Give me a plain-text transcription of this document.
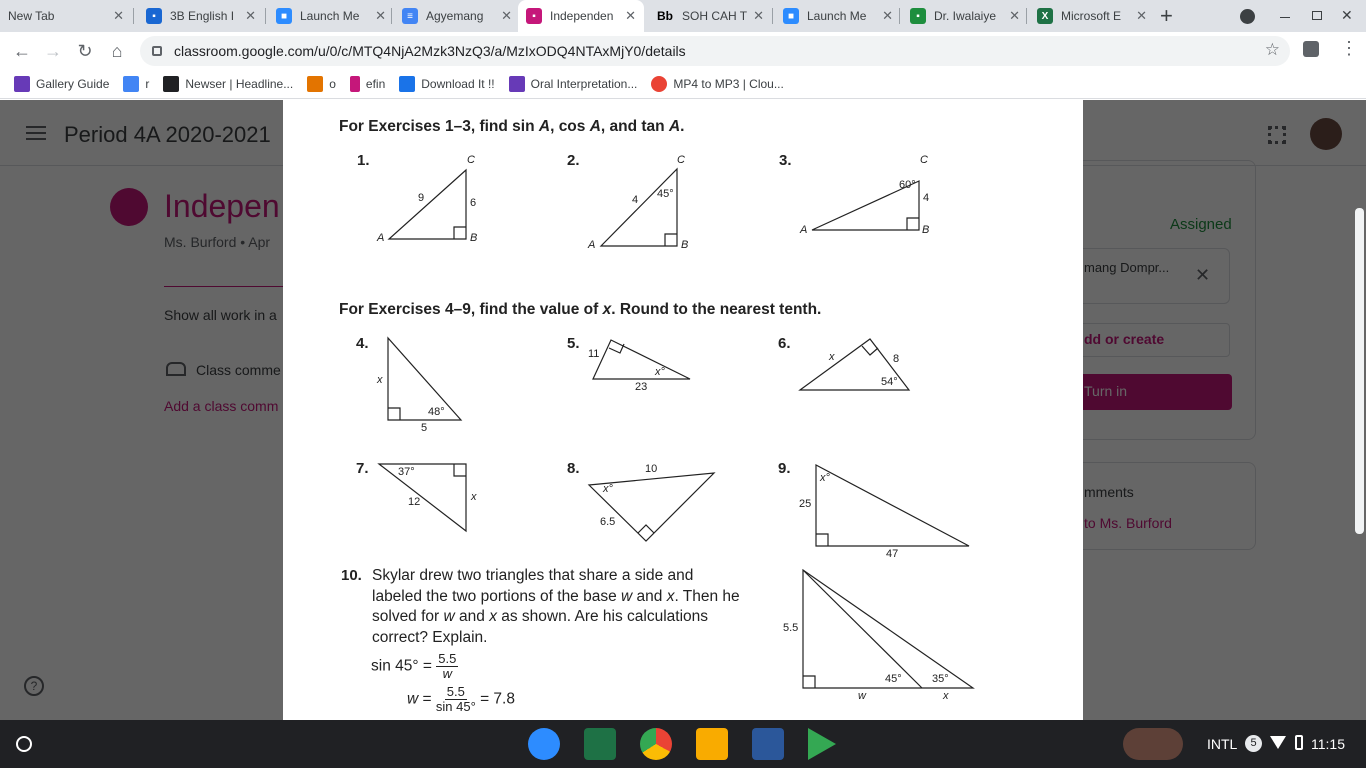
New Tab	✕	▪	3B English I ✕	■	Launch Me	✕	≡	Agyemang	✕	▪	Independen ✕ Bb SOH CAH T ✕	■	Launch Me	✕	▪	Dr. Iwalaiye	✕	X	Microsoft E	✕ +	✕
← → ↻	⌂	classroom.google.com/u/0/c/MTQ4NjA2Mzk3NzQ3/a/MzIxODQ4NTAxMjY0/details	☆	⋮
Gallery Guide	r	Newser | Headline...	o	efin	Download It !!	Oral Interpretation...	MP4 to MP3 | Clou...
For Exercises 1–3, find sin A, cos A, and tan A.
For Exercises 4–9, find the value of x. Round to the nearest tenth.
1.	2.	3.
4.	5.	6.
7.	8.	9.
10.
C
9	6
A	B
C
4 45°
A	B
C
60°
4
A	B
x
48°
5
11
x°
23
x	8
54°
37°
12	x
10
x°
6.5
x°
25
47
5.5
45°	35°
w	x
Skylar drew two triangles that share a side and labeled the two portions of the base w and x. Then he solved for w and x as shown. Are his calculations correct? Explain.
$\sin 45^\circ = \frac{5.5}{w}$
$w = \frac{5.5}{\sin 45^\circ} = 7.8$
INTL	5	11:15
